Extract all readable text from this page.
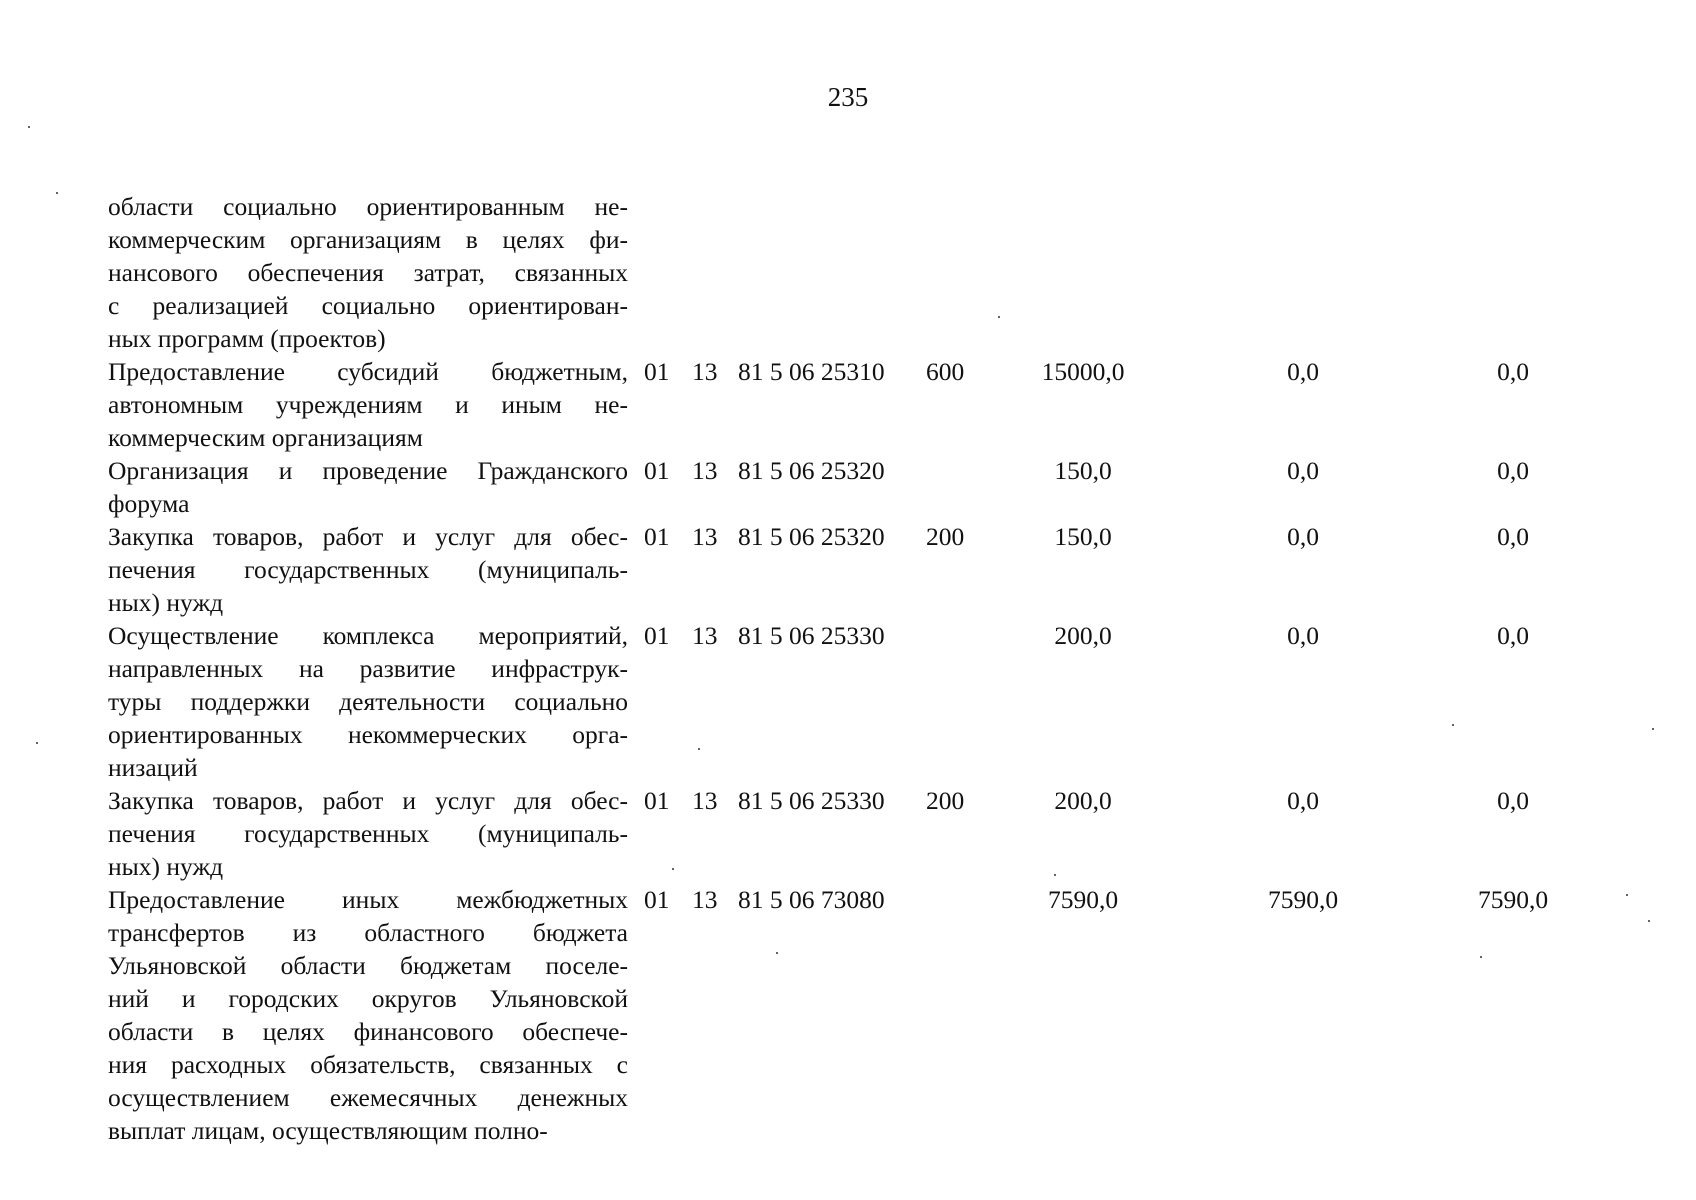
235
области социально ориентированным не-
коммерческим организациям в целях фи-
нансового обеспечения затрат, связанных
с реализацией социально ориентирован-
ных программ (проектов)
Предоставление субсидий бюджетным,
автономным учреждениям и иным не-
коммерческим организациям
01 13 81 5 06 25310 600	15000,0	0,0	0,0
Организация и проведение Гражданского
форума
01 13 81 5 06 25320	150,0	0,0	0,0
Закупка товаров, работ и услуг для обес-
печения государственных (муниципаль-
ных) нужд
01 13 81 5 06 25320 200	150,0	0,0	0,0
Осуществление комплекса мероприятий,
направленных на развитие инфраструк-
туры поддержки деятельности социально
ориентированных некоммерческих орга-
низаций
01 13 81 5 06 25330	200,0	0,0	0,0
Закупка товаров, работ и услуг для обес-
печения государственных (муниципаль-
ных) нужд
01 13 81 5 06 25330 200	200,0	0,0	0,0
Предоставление иных межбюджетных
трансфертов из областного бюджета
Ульяновской области бюджетам поселе-
ний и городских округов Ульяновской
области в целях финансового обеспече-
ния расходных обязательств, связанных с
осуществлением ежемесячных денежных
выплат лицам, осуществляющим полно-
01 13 81 5 06 73080	7590,0	7590,0	7590,0
